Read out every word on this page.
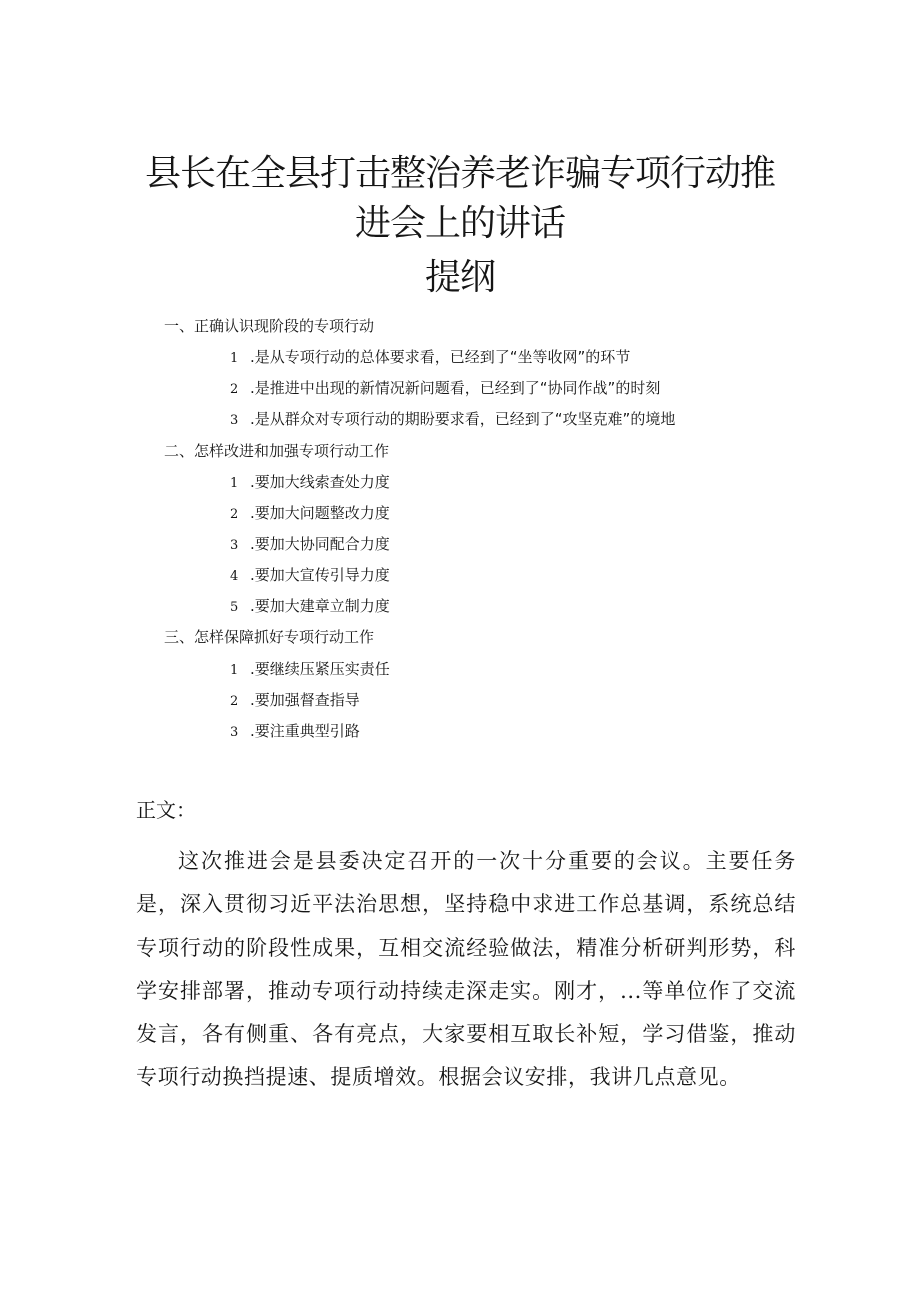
县长在全县打击整治养老诈骗专项行动推
进会上的讲话
提纲
一、正确认识现阶段的专项行动
1 .是从专项行动的总体要求看，已经到了“坐等收网”的环节
2 .是推进中出现的新情况新问题看，已经到了“协同作战”的时刻
3 .是从群众对专项行动的期盼要求看，已经到了“攻坚克难”的境地
二、怎样改进和加强专项行动工作
1 .要加大线索查处力度
2 .要加大问题整改力度
3 .要加大协同配合力度
4 .要加大宣传引导力度
5 .要加大建章立制力度
三、怎样保障抓好专项行动工作
1 .要继续压紧压实责任
2 .要加强督查指导
3 .要注重典型引路
正文：

这次推进会是县委决定召开的一次十分重要的会议。主要任务是，深入贯彻习近平法治思想，坚持稳中求进工作总基调，系统总结专项行动的阶段性成果，互相交流经验做法，精准分析研判形势，科学安排部署，推动专项行动持续走深走实。刚才，...等单位作了交流发言，各有侧重、各有亮点，大家要相互取长补短，学习借鉴，推动专项行动换挡提速、提质增效。根据会议安排，我讲几点意见。
